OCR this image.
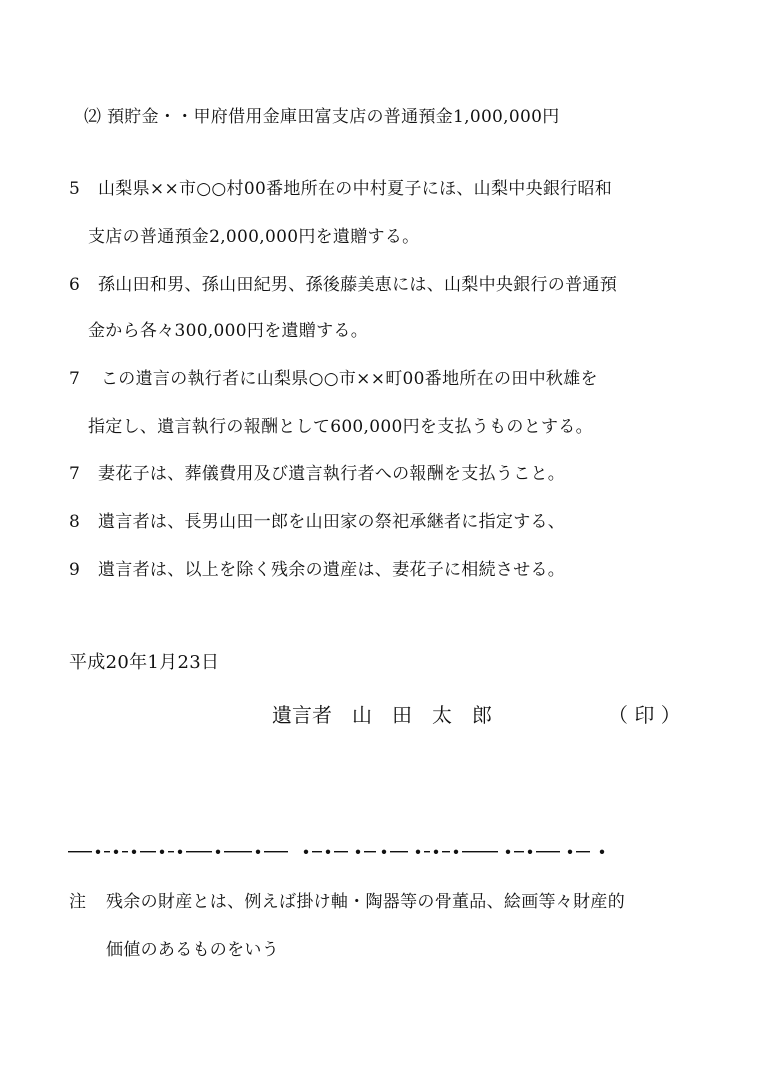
⑵ 預貯金・・甲府借用金庫田富支店の普通預金1,000,000円
5 山梨県××市○○村00番地所在の中村夏子にほ、山梨中央銀行昭和
支店の普通預金2,000,000円を遺贈する。
6 孫山田和男、孫山田紀男、孫後藤美恵には、山梨中央銀行の普通預
金から各々300,000円を遺贈する。
7 この遺言の執行者に山梨県○○市××町00番地所在の田中秋雄を
指定し、遺言執行の報酬として600,000円を支払うものとする。
7 妻花子は、葬儀費用及び遺言執行者への報酬を支払うこと。
8 遺言者は、長男山田一郎を山田家の祭祀承継者に指定する、
9 遺言者は、以上を除く残余の遺産は、妻花子に相続させる。
平成20年1月23日
遺言者　山　田　太　郎	（ 印 ）
注 残余の財産とは、例えば掛け軸・陶器等の骨董品、絵画等々財産的
価値のあるものをいう
